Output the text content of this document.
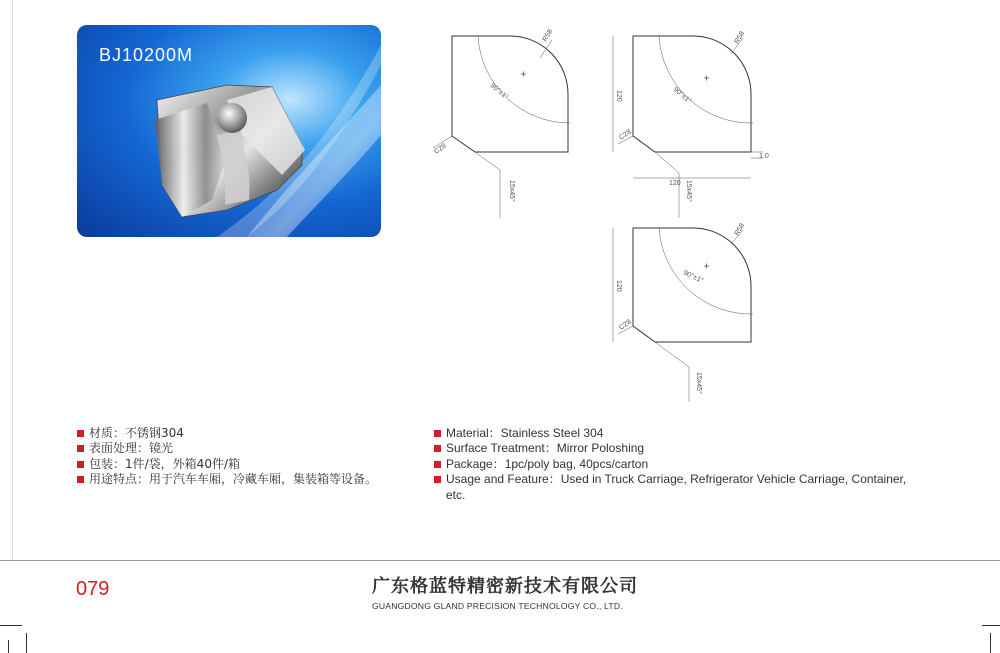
BJ10200M
R58
90°±1°
C28
15x45°
R58
90°±1°
C28
15x45°
120
120
1.0
R58
90°±1°
C28
15x45°
120
材质：不锈钢304
表面处理：镜光
包装：1件/袋，外箱40件/箱
用途特点：用于汽车车厢，冷藏车厢，集装箱等设备。
Material：Stainless Steel 304
Surface Treatment：Mirror Poloshing
Package：1pc/poly bag, 40pcs/carton
Usage and Feature：Used in Truck Carriage, Refrigerator Vehicle Carriage, Container, etc.
079	广东格蓝特精密新技术有限公司
GUANGDONG GLAND PRECISION TECHNOLOGY CO., LTD.
